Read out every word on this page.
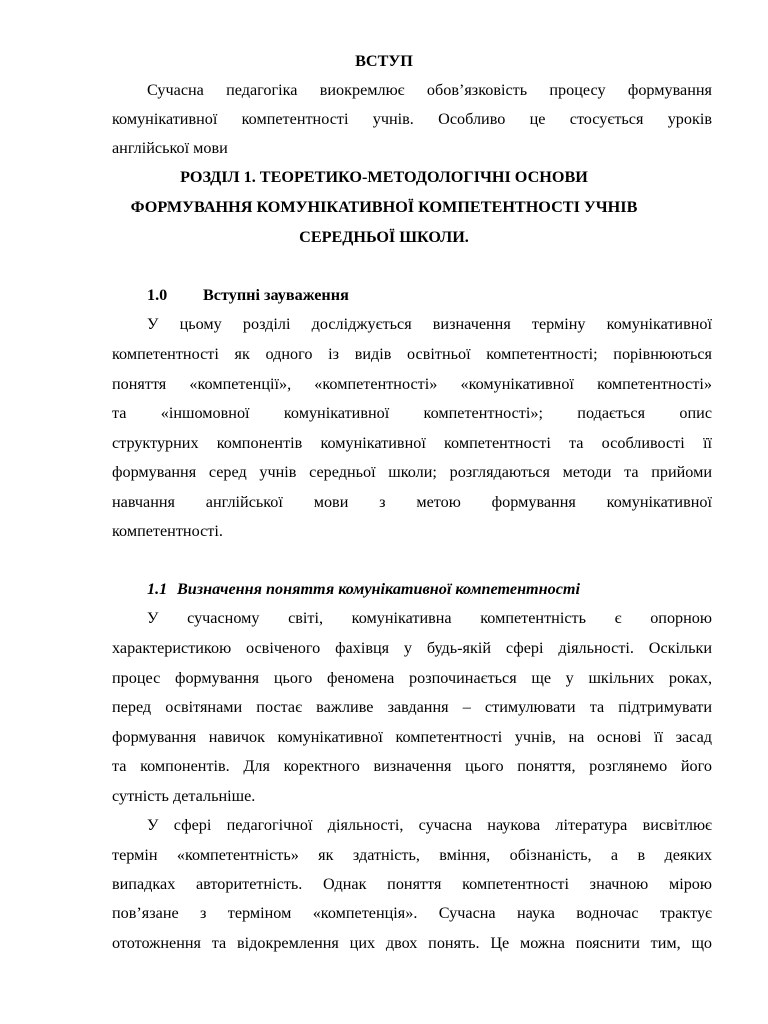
ВСТУП
Сучасна педагогіка виокремлює обов’язковість процесу формування
комунікативної компетентності учнів. Особливо це стосується уроків
англійської мови
РОЗДІЛ 1. ТЕОРЕТИКО-МЕТОДОЛОГІЧНІ ОСНОВИ
ФОРМУВАННЯ КОМУНІКАТИВНОЇ КОМПЕТЕНТНОСТІ УЧНІВ
СЕРЕДНЬОЇ ШКОЛИ.
1.0 Вступні зауваження
У цьому розділі досліджується визначення терміну комунікативної
компетентності як одного із видів освітньої компетентності; порівнюються
поняття «компетенції», «компетентності» «комунікативної компетентності»
та «іншомовної комунікативної компетентності»; подається опис
структурних компонентів комунікативної компетентності та особливості її
формування серед учнів середньої школи; розглядаються методи та прийоми
навчання англійської мови з метою формування комунікативної
компетентності.
1.1 Визначення поняття комунікативної компетентності
У сучасному світі, комунікативна компетентність є опорною
характеристикою освіченого фахівця у будь-якій сфері діяльності. Оскільки
процес формування цього феномена розпочинається ще у шкільних роках,
перед освітянами постає важливе завдання – стимулювати та підтримувати
формування навичок комунікативної компетентності учнів, на основі її засад
та компонентів. Для коректного визначення цього поняття, розглянемо його
сутність детальніше.
У сфері педагогічної діяльності, сучасна наукова література висвітлює
термін «компетентність» як здатність, вміння, обізнаність, а в деяких
випадках авторитетність. Однак поняття компетентності значною мірою
пов’язане з терміном «компетенція». Сучасна наука водночас трактує
ототожнення та відокремлення цих двох понять. Це можна пояснити тим, що
